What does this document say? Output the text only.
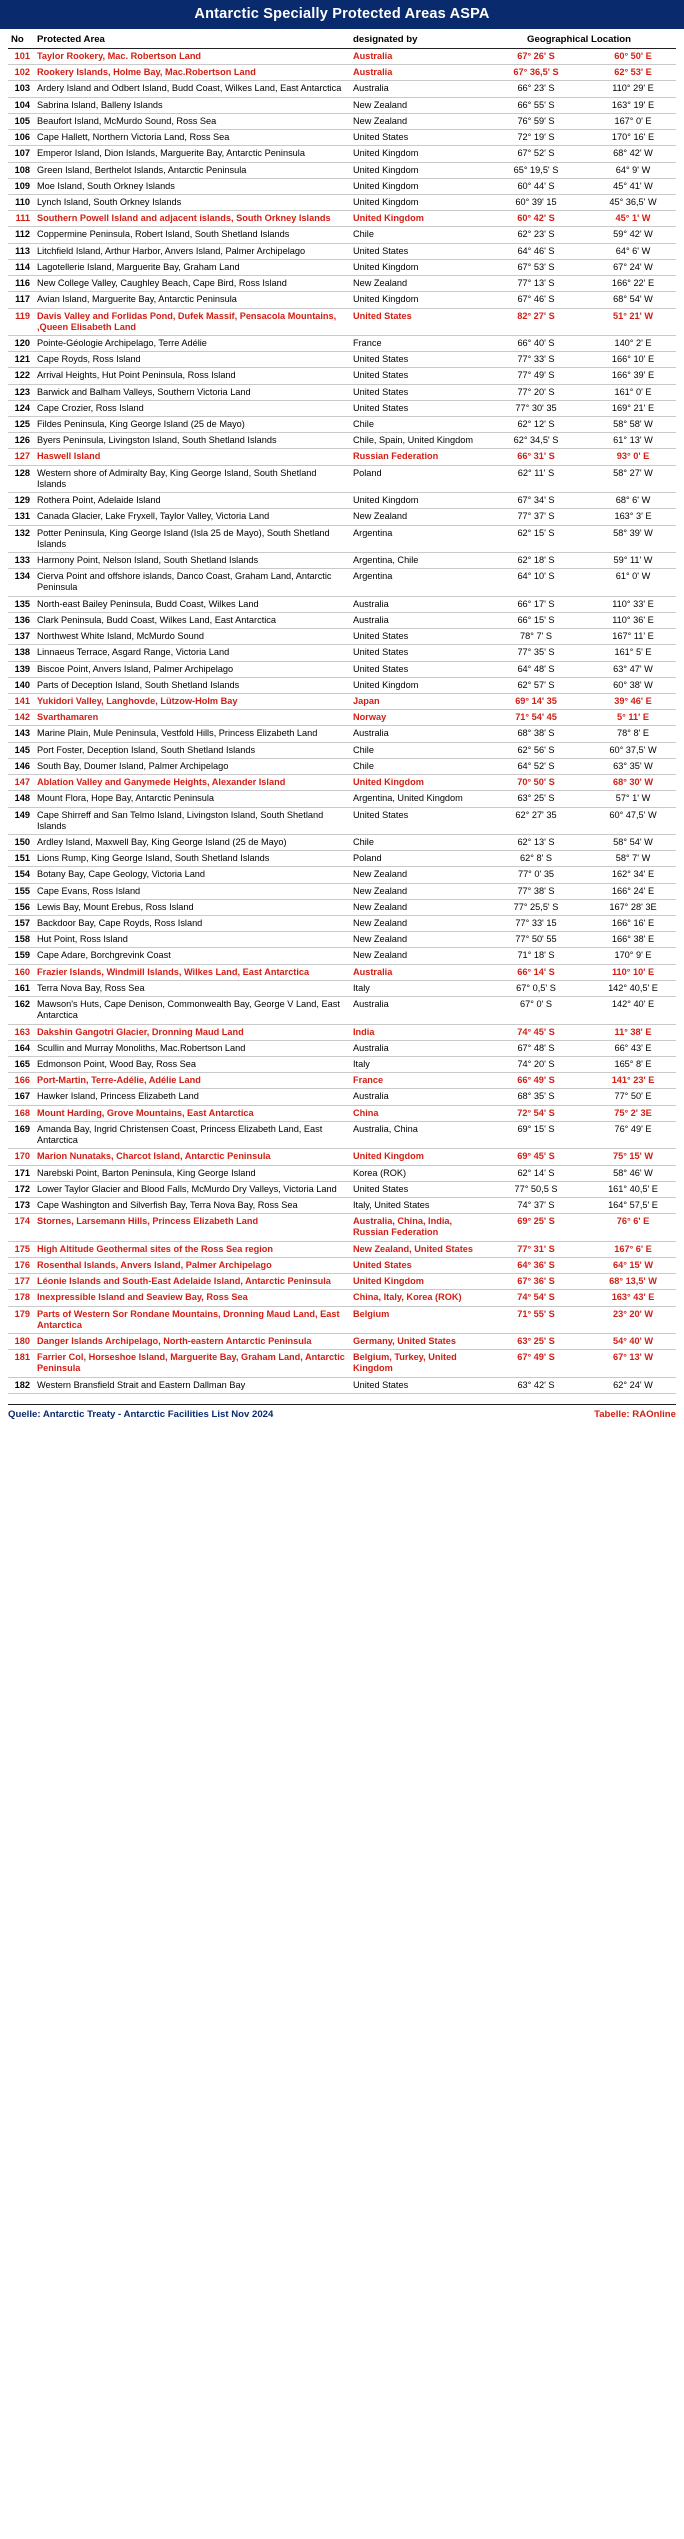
Antarctic Specially Protected Areas ASPA
No	Protected Area	designated by	Geographical Location	
101	Taylor Rookery, Mac. Robertson Land	Australia	67° 26' S	60° 50' E
102	Rookery Islands, Holme Bay, Mac.Robertson Land	Australia	67° 36,5' S	62° 53' E
103	Ardery Island and Odbert Island, Budd Coast, Wilkes Land, East Antarctica	Australia	66° 23' S	110° 29' E
104	Sabrina Island, Balleny Islands	New Zealand	66° 55' S	163° 19' E
105	Beaufort Island, McMurdo Sound, Ross Sea	New Zealand	76° 59' S	167° 0' E
106	Cape Hallett, Northern Victoria Land, Ross Sea	United States	72° 19' S	170° 16' E
107	Emperor Island, Dion Islands, Marguerite Bay, Antarctic Peninsula	United Kingdom	67° 52' S	68° 42' W
108	Green Island, Berthelot Islands, Antarctic Peninsula	United Kingdom	65° 19,5' S	64° 9' W
109	Moe Island, South Orkney Islands	United Kingdom	60° 44' S	45° 41' W
110	Lynch Island, South Orkney Islands	United Kingdom	60° 39' 15	45° 36,5' W
111	Southern Powell Island and adjacent islands, South Orkney Islands	United Kingdom	60° 42' S	45° 1' W
112	Coppermine Peninsula, Robert Island, South Shetland Islands	Chile	62° 23' S	59° 42' W
113	Litchfield Island, Arthur Harbor, Anvers Island, Palmer Archipelago	United States	64° 46' S	64° 6' W
114	Lagotellerie Island, Marguerite Bay, Graham Land	United Kingdom	67° 53' S	67° 24' W
116	New College Valley, Caughley Beach, Cape Bird, Ross Island	New Zealand	77° 13' S	166° 22' E
117	Avian Island, Marguerite Bay, Antarctic Peninsula	United Kingdom	67° 46' S	68° 54' W
119	Davis Valley and Forlidas Pond, Dufek Massif, Pensacola Mountains, ,Queen Elisabeth Land	United States	82° 27' S	51° 21' W
120	Pointe-Géologie Archipelago, Terre Adélie	France	66° 40' S	140° 2' E
121	Cape Royds, Ross Island	United States	77° 33' S	166° 10' E
122	Arrival Heights, Hut Point Peninsula, Ross Island	United States	77° 49' S	166° 39' E
123	Barwick and Balham Valleys, Southern Victoria Land	United States	77° 20' S	161° 0' E
124	Cape Crozier, Ross Island	United States	77° 30' 35	169° 21' E
125	Fildes Peninsula, King George Island (25 de Mayo)	Chile	62° 12' S	58° 58' W
126	Byers Peninsula, Livingston Island, South Shetland Islands	Chile, Spain, United Kingdom	62° 34,5' S	61° 13' W
127	Haswell Island	Russian Federation	66° 31' S	93° 0' E
128	Western shore of Admiralty Bay, King George Island, South Shetland Islands	Poland	62° 11' S	58° 27' W
129	Rothera Point, Adelaide Island	United Kingdom	67° 34' S	68° 6' W
131	Canada Glacier, Lake Fryxell, Taylor Valley, Victoria Land	New Zealand	77° 37' S	163° 3' E
132	Potter Peninsula, King George Island (Isla 25 de Mayo), South Shetland Islands	Argentina	62° 15' S	58° 39' W
133	Harmony Point, Nelson Island, South Shetland Islands	Argentina, Chile	62° 18' S	59° 11' W
134	Cierva Point and offshore islands, Danco Coast, Graham Land, Antarctic Peninsula	Argentina	64° 10' S	61° 0' W
135	North-east Bailey Peninsula, Budd Coast, Wilkes Land	Australia	66° 17' S	110° 33' E
136	Clark Peninsula, Budd Coast, Wilkes Land, East Antarctica	Australia	66° 15' S	110° 36' E
137	Northwest White Island, McMurdo Sound	United States	78° 7' S	167° 11' E
138	Linnaeus Terrace, Asgard Range, Victoria Land	United States	77° 35' S	161° 5' E
139	Biscoe Point, Anvers Island, Palmer Archipelago	United States	64° 48' S	63° 47' W
140	Parts of Deception Island, South Shetland Islands	United Kingdom	62° 57' S	60° 38' W
141	Yukidori Valley, Langhovde, Lützow-Holm Bay	Japan	69° 14' 35	39° 46' E
142	Svarthamaren	Norway	71° 54' 45	5° 11' E
143	Marine Plain, Mule Peninsula, Vestfold Hills, Princess Elizabeth Land	Australia	68° 38' S	78° 8' E
145	Port Foster, Deception Island, South Shetland Islands	Chile	62° 56' S	60° 37,5' W
146	South Bay, Doumer Island, Palmer Archipelago	Chile	64° 52' S	63° 35' W
147	Ablation Valley and Ganymede Heights, Alexander Island	United Kingdom	70° 50' S	68° 30' W
148	Mount Flora, Hope Bay, Antarctic Peninsula	Argentina, United Kingdom	63° 25' S	57° 1' W
149	Cape Shirreff and San Telmo Island, Livingston Island, South Shetland Islands	United States	62° 27' 35	60° 47,5' W
150	Ardley Island, Maxwell Bay, King George Island (25 de Mayo)	Chile	62° 13' S	58° 54' W
151	Lions Rump, King George Island, South Shetland Islands	Poland	62° 8' S	58° 7' W
154	Botany Bay, Cape Geology, Victoria Land	New Zealand	77° 0' 35	162° 34' E
155	Cape Evans, Ross Island	New Zealand	77° 38' S	166° 24' E
156	Lewis Bay, Mount Erebus, Ross Island	New Zealand	77° 25,5' S	167° 28' 3E
157	Backdoor Bay, Cape Royds, Ross Island	New Zealand	77° 33' 15	166° 16' E
158	Hut Point, Ross Island	New Zealand	77° 50' 55	166° 38' E
159	Cape Adare, Borchgrevink Coast	New Zealand	71° 18' S	170° 9' E
160	Frazier Islands, Windmill Islands, Wilkes Land, East Antarctica	Australia	66° 14' S	110° 10' E
161	Terra Nova Bay, Ross Sea	Italy	67° 0,5' S	142° 40,5' E
162	Mawson's Huts, Cape Denison, Commonwealth Bay, George V Land, East Antarctica	Australia	67° 0' S	142° 40' E
163	Dakshin Gangotri Glacier, Dronning Maud Land	India	74° 45' S	11° 38' E
164	Scullin and Murray Monoliths, Mac.Robertson Land	Australia	67° 48' S	66° 43' E
165	Edmonson Point, Wood Bay, Ross Sea	Italy	74° 20' S	165° 8' E
166	Port-Martin, Terre-Adélie, Adélie Land	France	66° 49' S	141° 23' E
167	Hawker Island, Princess Elizabeth Land	Australia	68° 35' S	77° 50' E
168	Mount Harding, Grove Mountains, East Antarctica	China	72° 54' S	75° 2' 3E
169	Amanda Bay, Ingrid Christensen Coast, Princess Elizabeth Land, East Antarctica	Australia, China	69° 15' S	76° 49' E
170	Marion Nunataks, Charcot Island, Antarctic Peninsula	United Kingdom	69° 45' S	75° 15' W
171	Narebski Point, Barton Peninsula, King George Island	Korea (ROK)	62° 14' S	58° 46' W
172	Lower Taylor Glacier and Blood Falls, McMurdo Dry Valleys, Victoria Land	United States	77° 50,5 S	161° 40,5' E
173	Cape Washington and Silverfish Bay, Terra Nova Bay, Ross Sea	Italy, United States	74° 37' S	164° 57,5' E
174	Stornes, Larsemann Hills, Princess Elizabeth Land	Australia, China, India, Russian Federation	69° 25' S	76° 6' E
175	High Altitude Geothermal sites of the Ross Sea region	New Zealand, United States	77° 31' S	167° 6' E
176	Rosenthal Islands, Anvers Island, Palmer Archipelago	United States	64° 36' S	64° 15' W
177	Léonie Islands and South-East Adelaide Island, Antarctic Peninsula	United Kingdom	67° 36' S	68° 13,5' W
178	Inexpressible Island and Seaview Bay, Ross Sea	China, Italy, Korea (ROK)	74° 54' S	163° 43' E
179	Parts of Western Sor Rondane Mountains, Dronning Maud Land, East Antarctica	Belgium	71° 55' S	23° 20' W
180	Danger Islands Archipelago, North-eastern Antarctic Peninsula	Germany, United States	63° 25' S	54° 40' W
181	Farrier Col, Horseshoe Island, Marguerite Bay, Graham Land, Antarctic Peninsula	Belgium, Turkey, United Kingdom	67° 49' S	67° 13' W
182	Western Bransfield Strait and Eastern Dallman Bay	United States	63° 42' S	62° 24' W
Quelle: Antarctic Treaty - Antarctic Facilities List Nov 2024	Tabelle: RAOnline
